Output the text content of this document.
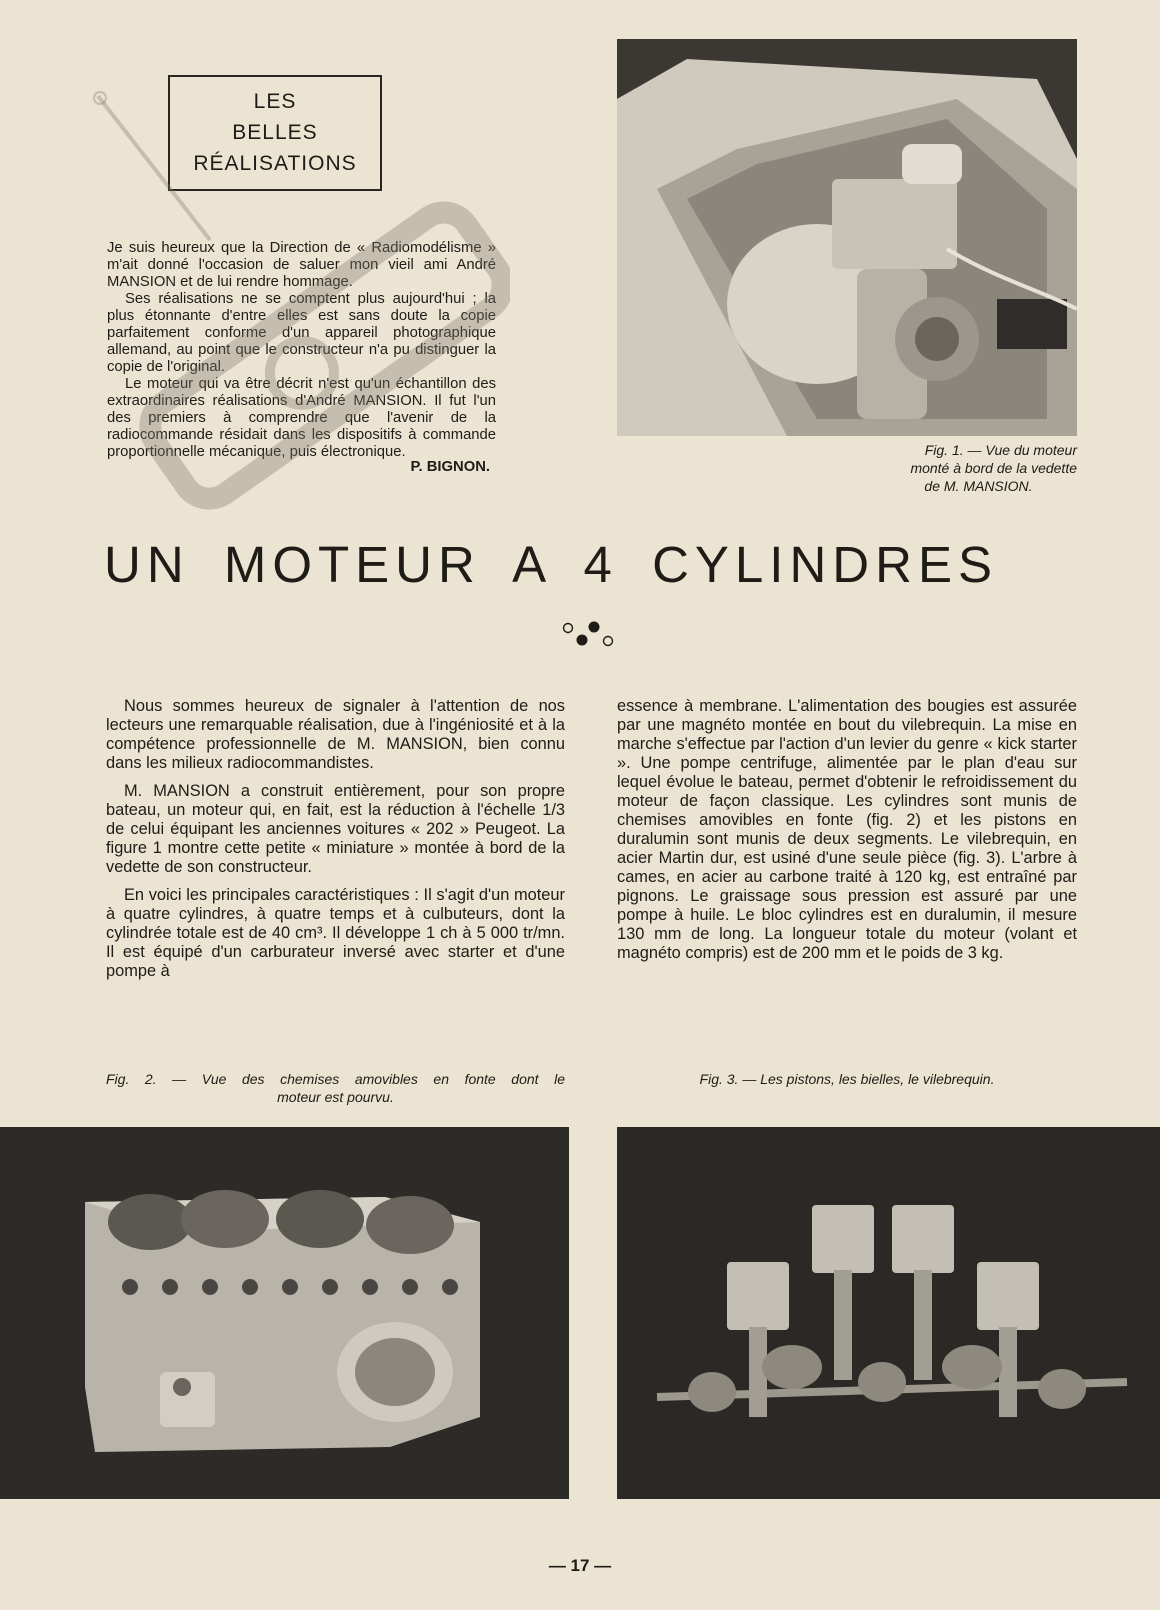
LES
BELLES
RÉALISATIONS

Je suis heureux que la Direction de « Radiomodélisme » m'ait donné l'occasion de saluer mon vieil ami André MANSION et de lui rendre hommage.

Ses réalisations ne se comptent plus aujourd'hui ; la plus étonnante d'entre elles est sans doute la copie parfaitement conforme d'un appareil photographique allemand, au point que le constructeur n'a pu distinguer la copie de l'original.

Le moteur qui va être décrit n'est qu'un échantillon des extraordinaires réalisations d'André MANSION. Il fut l'un des premiers à comprendre que l'avenir de la radiocommande résidait dans les dispositifs à commande proportionnelle mécanique, puis électronique.

P. BIGNON.

Fig. 1. — Vue du moteur
monté à bord de la vedette
de M. MANSION.
UN MOTEUR A 4 CYLINDRES

Nous sommes heureux de signaler à l'attention de nos lecteurs une remarquable réalisation, due à l'ingéniosité et à la compétence professionnelle de M. MANSION, bien connu dans les milieux radiocommandistes.

M. MANSION a construit entièrement, pour son propre bateau, un moteur qui, en fait, est la réduction à l'échelle 1/3 de celui équipant les anciennes voitures « 202 » Peugeot. La figure 1 montre cette petite « miniature » montée à bord de la vedette de son constructeur.

En voici les principales caractéristiques : Il s'agit d'un moteur à quatre cylindres, à quatre temps et à culbuteurs, dont la cylindrée totale est de 40 cm³. Il développe 1 ch à 5 000 tr/mn. Il est équipé d'un carburateur inversé avec starter et d'une pompe à

essence à membrane. L'alimentation des bougies est assurée par une magnéto montée en bout du vilebrequin. La mise en marche s'effectue par l'action d'un levier du genre « kick starter ». Une pompe centrifuge, alimentée par le plan d'eau sur lequel évolue le bateau, permet d'obtenir le refroidissement du moteur de façon classique. Les cylindres sont munis de chemises amovibles en fonte (fig. 2) et les pistons en duralumin sont munis de deux segments. Le vilebrequin, en acier Martin dur, est usiné d'une seule pièce (fig. 3). L'arbre à cames, en acier au carbone traité à 120 kg, est entraîné par pignons. Le graissage sous pression est assuré par une pompe à huile. Le bloc cylindres est en duralumin, il mesure 130 mm de long. La longueur totale du moteur (volant et magnéto compris) est de 200 mm et le poids de 3 kg.

Fig. 2. — Vue des chemises amovibles en fonte dont le
moteur est pourvu.
Fig. 3. — Les pistons, les bielles, le vilebrequin.
— 17 —
